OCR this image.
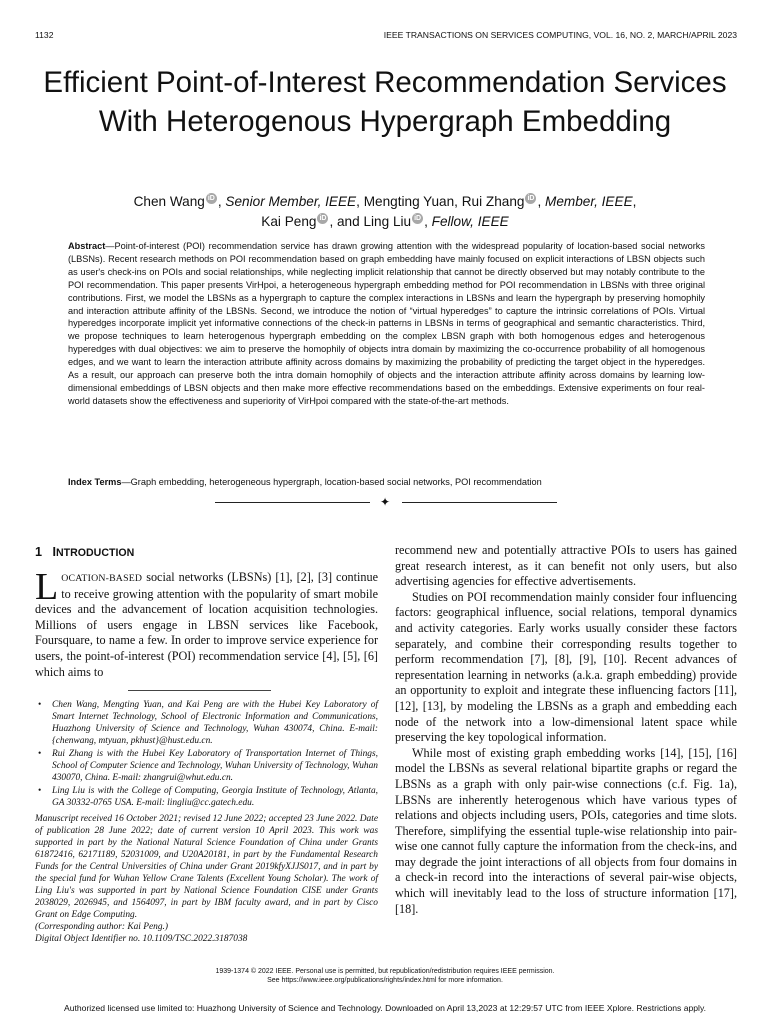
1132	IEEE TRANSACTIONS ON SERVICES COMPUTING, VOL. 16, NO. 2, MARCH/APRIL 2023
Efficient Point-of-Interest Recommendation Services With Heterogenous Hypergraph Embedding
Chen Wang iD , Senior Member, IEEE, Mengting Yuan, Rui Zhang iD , Member, IEEE,
Kai Peng iD , and Ling Liu iD , Fellow, IEEE
Abstract—Point-of-interest (POI) recommendation service has drawn growing attention with the widespread popularity of location-based social networks (LBSNs). Recent research methods on POI recommendation based on graph embedding have mainly focused on explicit interactions of LBSN objects such as user's check-ins on POIs and social relationships, while neglecting implicit relationship that cannot be directly observed but may notably contribute to the POI recommendation. This paper presents VirHpoi, a heterogeneous hypergraph embedding method for POI recommendation in LBSNs with three original contributions. First, we model the LBSNs as a hypergraph to capture the complex interactions in LBSNs and learn the hypergraph by preserving homophily and interaction attribute affinity of the LBSNs. Second, we introduce the notion of “virtual hyperedges” to capture the intrinsic correlations of POIs. Virtual hyperedges incorporate implicit yet informative connections of the check-in patterns in LBSNs in terms of geographical and semantic characteristics. Third, we propose techniques to learn heterogenous hypergraph embedding on the complex LBSN graph with both homogenous edges and heterogenous hyperedges with dual objectives: we aim to preserve the homophily of objects intra domain by maximizing the co-occurrence probability of all homogenous edges, and we want to learn the interaction attribute affinity across domains by maximizing the probability of predicting the target object in the hyperedges. As a result, our approach can preserve both the intra domain homophily of objects and the interaction attribute affinity across domains by learning low-dimensional embeddings of LBSN objects and then make more effective recommendations based on the embeddings. Extensive experiments on four real-world datasets show the effectiveness and superiority of VirHpoi compared with the state-of-the-art methods.
Index Terms—Graph embedding, heterogeneous hypergraph, location-based social networks, POI recommendation
✦
1 INTRODUCTION

LOCATION-BASED social networks (LBSNs) [1], [2], [3] continue to receive growing attention with the popularity of smart mobile devices and the advancement of location acquisition technologies. Millions of users engage in LBSN services like Facebook, Foursquare, to name a few. In order to improve service experience for users, the point-of-interest (POI) recommendation service [4], [5], [6] which aims to

• Chen Wang, Mengting Yuan, and Kai Peng are with the Hubei Key Laboratory of Smart Internet Technology, School of Electronic Information and Communications, Huazhong University of Science and Technology, Wuhan 430074, China. E-mail: {chenwang, mtyuan, pkhust}@hust.edu.cn.
• Rui Zhang is with the Hubei Key Laboratory of Transportation Internet of Things, School of Computer Science and Technology, Wuhan University of Technology, Wuhan 430070, China. E-mail: zhangrui@whut.edu.cn.
• Ling Liu is with the College of Computing, Georgia Institute of Technology, Atlanta, GA 30332-0765 USA. E-mail: lingliu@cc.gatech.edu.

Manuscript received 16 October 2021; revised 12 June 2022; accepted 23 June 2022. Date of publication 28 June 2022; date of current version 10 April 2023. This work was supported in part by the National Natural Science Foundation of China under Grants 61872416, 62171189, 52031009, and U20A20181, in part by the Fundamental Research Funds for the Central Universities of China under Grant 2019kfyXJJS017, and in part by the special fund for Wuhan Yellow Crane Talents (Excellent Young Scholar). The work of Ling Liu's was supported in part by National Science Foundation CISE under Grants 2038029, 2026945, and 1564097, in part by IBM faculty award, and in part by Cisco Grant on Edge Computing.

(Corresponding author: Kai Peng.)

Digital Object Identifier no. 10.1109/TSC.2022.3187038

recommend new and potentially attractive POIs to users has gained great research interest, as it can benefit not only users, but also advertising agencies for effective advertisements.

Studies on POI recommendation mainly consider four influencing factors: geographical influence, social relations, temporal dynamics and activity categories. Early works usually consider these factors separately, and combine their corresponding results together to perform recommendation [7], [8], [9], [10]. Recent advances of representation learning in networks (a.k.a. graph embedding) provide an opportunity to exploit and integrate these influencing factors [11], [12], [13], by modeling the LBSNs as a graph and embedding each node of the network into a low-dimensional latent space while preserving the key topological information.

While most of existing graph embedding works [14], [15], [16] model the LBSNs as several relational bipartite graphs or regard the LBSNs as a graph with only pair-wise connections (c.f. Fig. 1a), LBSNs are inherently heterogenous which have various types of relations and objects including users, POIs, categories and time slots. Therefore, simplifying the essential tuple-wise relationship into pair-wise one cannot fully capture the information from the check-ins, and may degrade the joint interactions of all objects from four domains in a check-in record into the interactions of several pair-wise objects, which will inevitably lead to the loss of structure information [17], [18].

1939-1374 © 2022 IEEE. Personal use is permitted, but republication/redistribution requires IEEE permission.
See https://www.ieee.org/publications/rights/index.html for more information.
Authorized licensed use limited to: Huazhong University of Science and Technology. Downloaded on April 13,2023 at 12:29:57 UTC from IEEE Xplore. Restrictions apply.
